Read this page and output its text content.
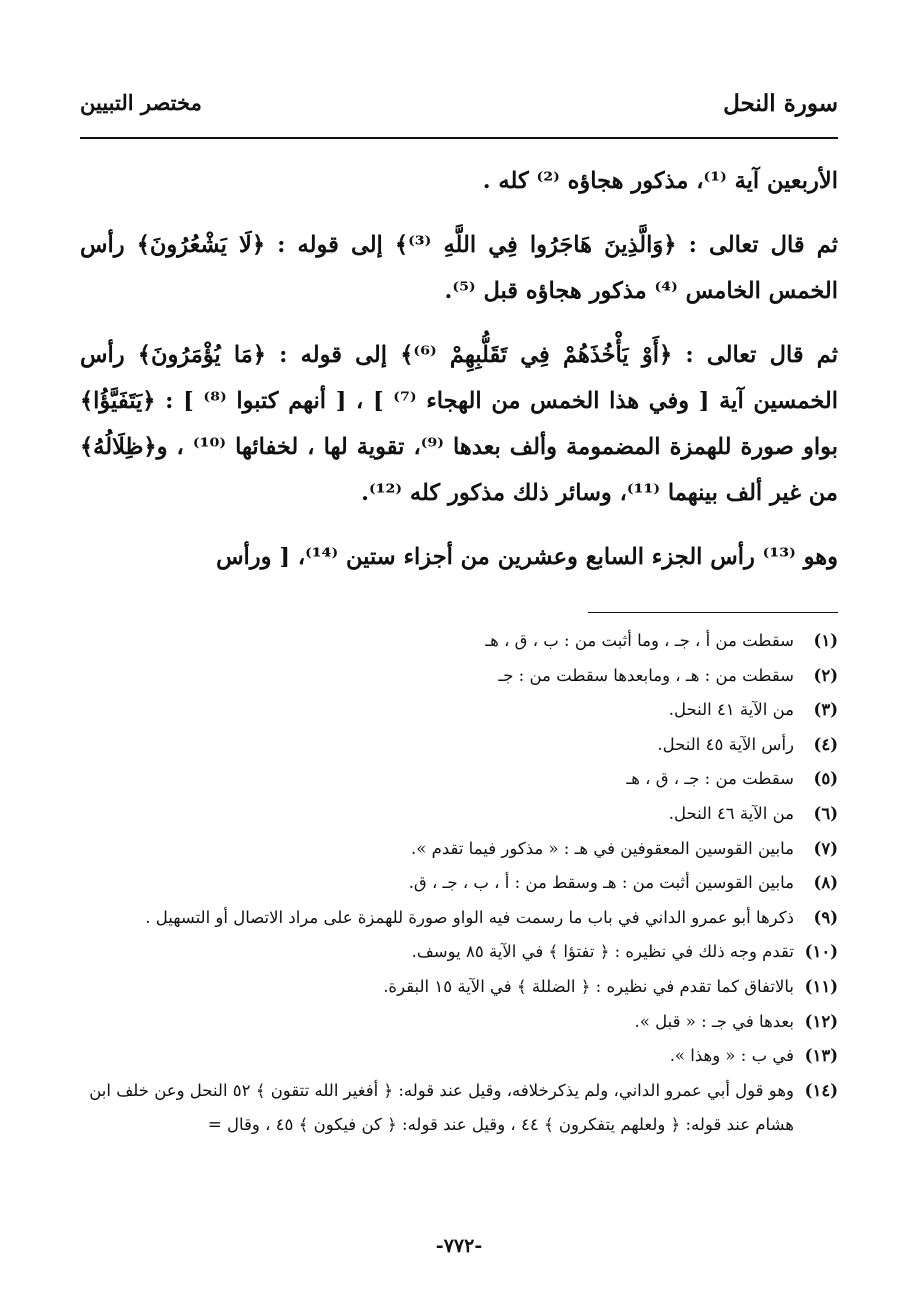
سورة النحل
مختصر التبيين

الأربعين آية ⁽¹⁾، مذكور هجاؤه ⁽²⁾ كله .

ثم قال تعالى : ﴿وَالَّذِينَ هَاجَرُوا فِي اللَّهِ ⁽³⁾﴾ إلى قوله : ﴿لَا يَشْعُرُونَ﴾ رأس الخمس الخامس ⁽⁴⁾ مذكور هجاؤه قبل ⁽⁵⁾.

ثم قال تعالى : ﴿أَوْ يَأْخُذَهُمْ فِي تَقَلُّبِهِمْ ⁽⁶⁾﴾ إلى قوله : ﴿مَا يُؤْمَرُونَ﴾ رأس الخمسين آية [ وفي هذا الخمس من الهجاء ⁽⁷⁾ ] ، [ أنهم كتبوا ⁽⁸⁾ ] : ﴿يَتَفَيَّؤُا﴾ بواو صورة للهمزة المضمومة وألف بعدها ⁽⁹⁾، تقوية لها ، لخفائها ⁽¹⁰⁾ ، و﴿ظِلَالُهُ﴾ من غير ألف بينهما ⁽¹¹⁾، وسائر ذلك مذكور كله ⁽¹²⁾.

وهو ⁽¹³⁾ رأس الجزء السابع وعشرين من أجزاء ستين ⁽¹⁴⁾، [ ورأس

(١)
سقطت من أ ، جـ ، وما أثبت من : ب ، ق ، هـ
(٢)
سقطت من : هـ ، ومابعدها سقطت من : جـ
(٣)
من الآية ٤١ النحل.
(٤)
رأس الآية ٤٥ النحل.
(٥)
سقطت من : جـ ، ق ، هـ
(٦)
من الآية ٤٦ النحل.
(٧)
مابين القوسين المعقوفين في هـ : « مذكور فيما تقدم ».
(٨)
مابين القوسين أثبت من : هـ وسقط من : أ ، ب ، جـ ، ق.
(٩)
ذكرها أبو عمرو الداني في باب ما رسمت فيه الواو صورة للهمزة على مراد الاتصال أو التسهيل .
(١٠)
تقدم وجه ذلك في نظيره : ﴿ تفتؤا ﴾ في الآية ٨٥ يوسف.
(١١)
بالاتفاق كما تقدم في نظيره : ﴿ الضللة ﴾ في الآية ١٥ البقرة.
(١٢)
بعدها في جـ : « قبل ».
(١٣)
في ب : « وهذا ».
(١٤)
وهو قول أبي عمرو الداني، ولم يذكرخلافه، وقيل عند قوله: ﴿ أفغير الله تتقون ﴾ ٥٢ النحل وعن خلف ابن هشام عند قوله: ﴿ ولعلهم يتفكرون ﴾ ٤٤ ، وقيل عند قوله: ﴿ كن فيكون ﴾ ٤٥ ، وقال =
-٧٧٢-
